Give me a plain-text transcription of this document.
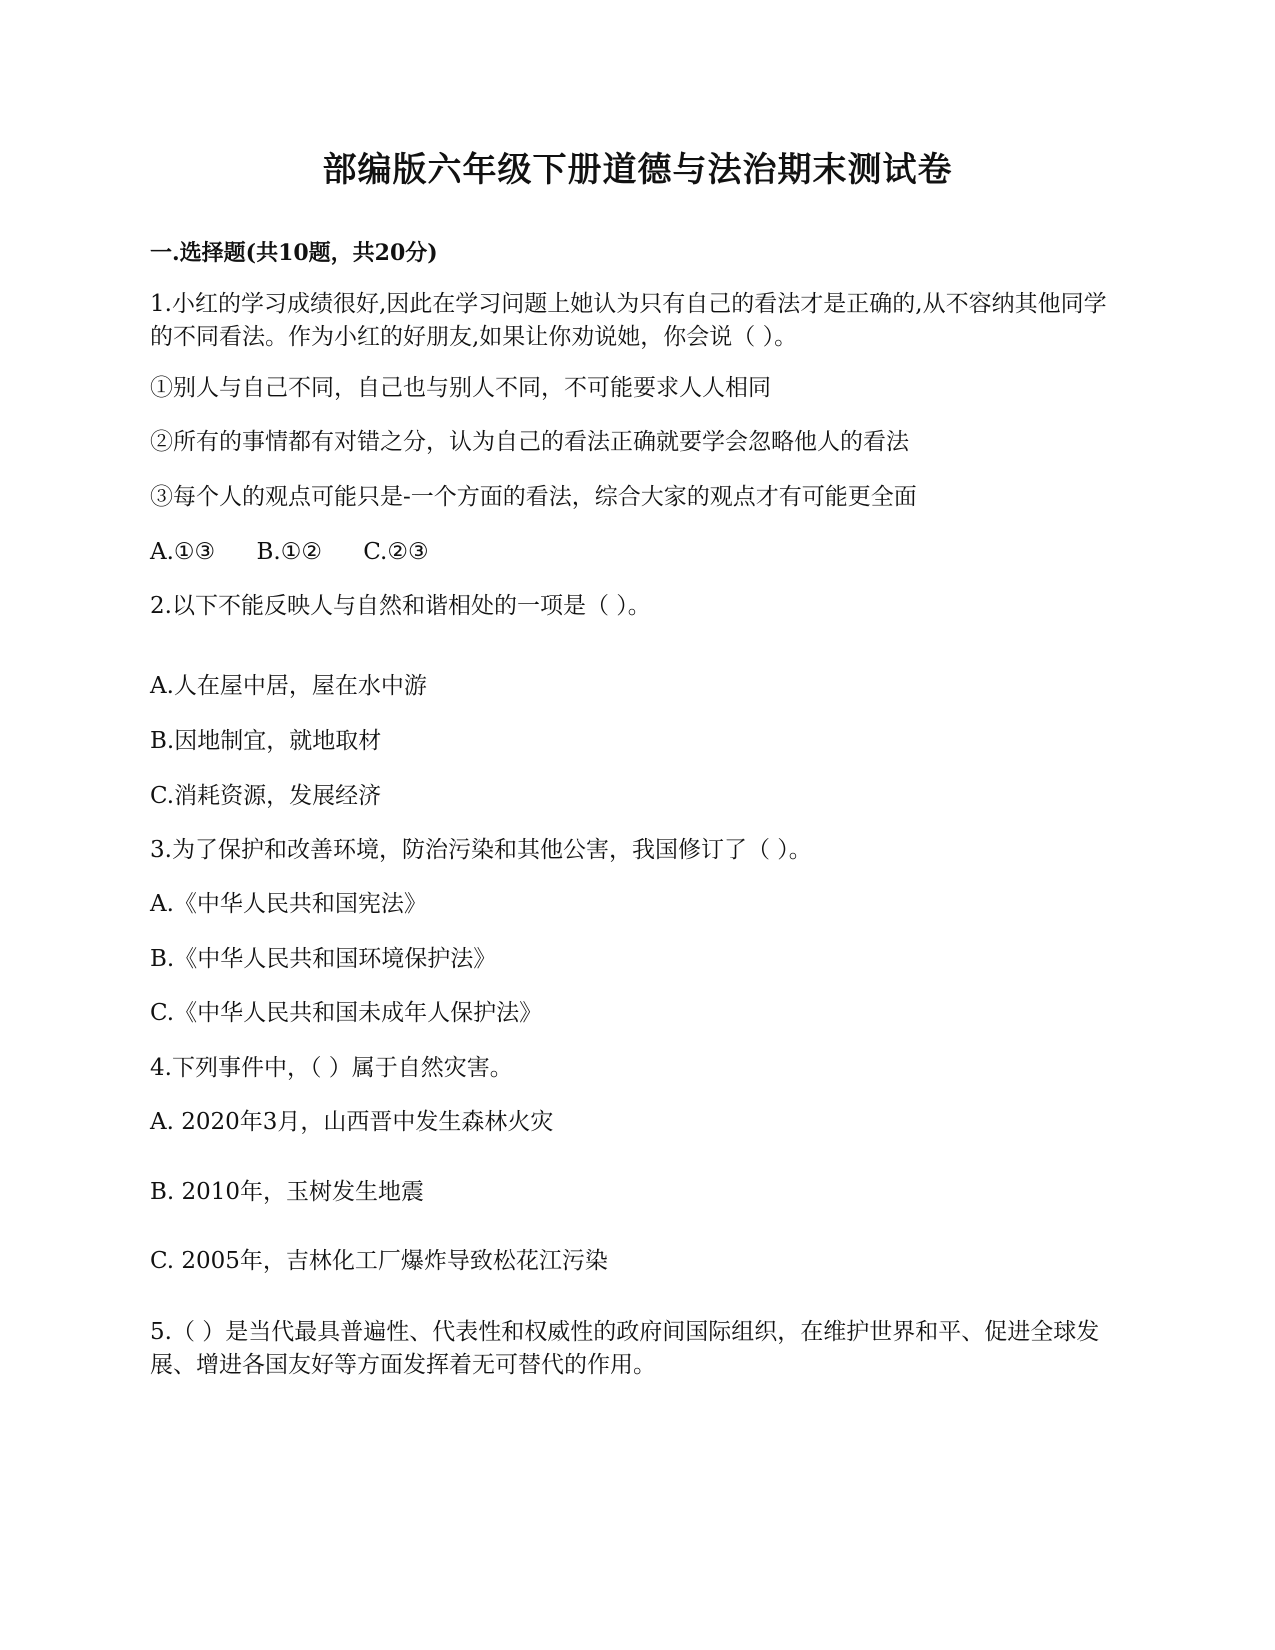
部编版六年级下册道德与法治期末测试卷
一.选择题(共10题，共20分)
1.小红的学习成绩很好,因此在学习问题上她认为只有自己的看法才是正确的,从不容纳其他同学的不同看法。作为小红的好朋友,如果让你劝说她，你会说（ ）。
①别人与自己不同，自己也与别人不同，不可能要求人人相同
②所有的事情都有对错之分，认为自己的看法正确就要学会忽略他人的看法
③每个人的观点可能只是-一个方面的看法，综合大家的观点才有可能更全面
A.①③ B.①② C.②③
2.以下不能反映人与自然和谐相处的一项是（ ）。
A.人在屋中居，屋在水中游
B.因地制宜，就地取材
C.消耗资源，发展经济
3.为了保护和改善环境，防治污染和其他公害，我国修订了（ ）。
A.《中华人民共和国宪法》
B.《中华人民共和国环境保护法》
C.《中华人民共和国未成年人保护法》
4.下列事件中，（ ）属于自然灾害。
A. 2020年3月，山西晋中发生森林火灾
B. 2010年，玉树发生地震
C. 2005年，吉林化工厂爆炸导致松花江污染
5.（ ）是当代最具普遍性、代表性和权威性的政府间国际组织，在维护世界和平、促进全球发展、增进各国友好等方面发挥着无可替代的作用。
